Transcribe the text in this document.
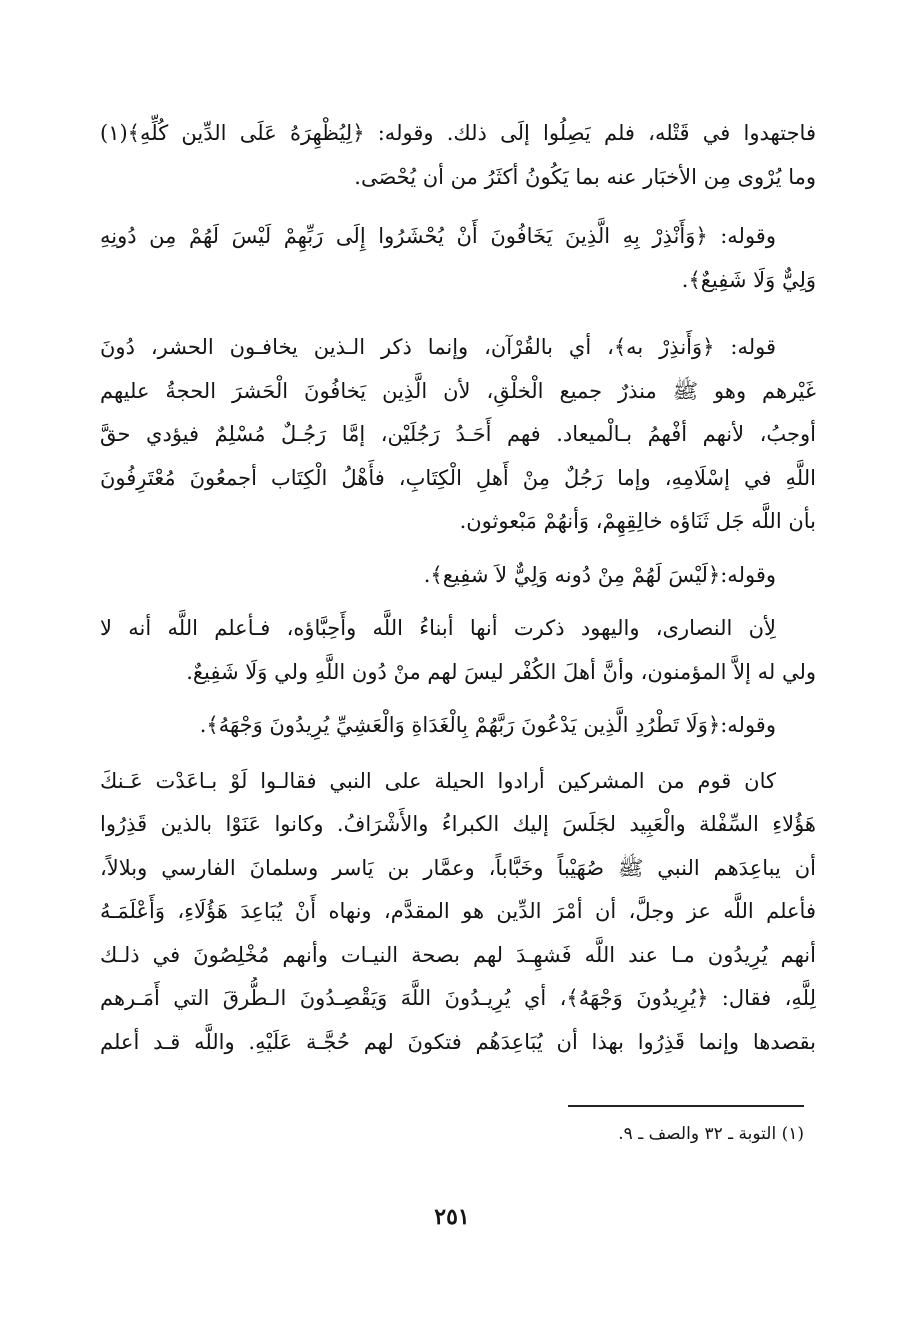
فاجتهدوا في قَتْله، فلم يَصِلُوا إلَى ذلك. وقوله: ﴿لِيُظْهِرَهُ عَلَى الدِّين كُلِّهِ﴾(١)
وما يُرْوى مِن الأخبَار عنه بما يَكُونُ أكثَرُ من أن يُحْصَى.

وقوله: ﴿وَأَنْذِرْ بِهِ الَّذِينَ يَخَافُونَ أَنْ يُحْشَرُوا إِلَى رَبِّهِمْ لَيْسَ لَهُمْ مِن دُونِهِ
وَلِيٌّ وَلَا شَفِيعٌ﴾.

قوله: ﴿وَأَنذِرْ به﴾، أي بالقُرْآن، وإنما ذكر الـذين يخافـون الحشر، دُونَ
غَيْرهم وهو ﷺ منذرٌ جميع الْخلْقِ، لأن الَّذِين يَخافُونَ الْحَشرَ الحجةُ عليهم
أوجبُ، لأنهم أفْهمُ بـالْميعاد. فهم أَحَـدُ رَجُلَيْن، إمَّا رَجُـلٌ مُسْلِمٌ فيؤدي حقَّ
اللَّهِ في إسْلَامِهِ، وإما رَجُلٌ مِنْ أَهلِ الْكِتَابِ، فأَهْلُ الْكِتَاب أجمعُونَ مُعْتَرِفُونَ
بأن اللَّه جَل ثَنَاؤه خالِقِهِمْ، وَأنهُمْ مَبْعوثون.

وقوله:﴿لَيْسَ لَهُمْ مِنْ دُونه وَلِيٌّ لاَ شفِيع﴾.

لِأن النصارى، واليهود ذكرت أنها أبناءُ اللَّه وأَحِبَّاؤه، فـأعلم اللَّه أنه لا
ولي له إلاَّ المؤمنون، وأنَّ أهلَ الكُفْر ليسَ لهم منْ دُون اللَّهِ ولي وَلَا شَفِيعٌ.

وقوله:﴿وَلَا تَطْرُدِ الَّذِين يَدْعُونَ رَبَّهُمْ بِالْغَدَاةِ وَالْعَشِيِّ يُرِيدُونَ وَجْهَهُ﴾.

كان قوم من المشركين أرادوا الحيلة على النبي فقالـوا لَوْ بـاعَدْت عَـنكَ
هَؤُلاءِ السِّفْلة والْعَبِيد لجَلَسَ إليك الكبراءُ والأَشْرَافُ. وكانوا عَنَوْا بالذين قَذِرُوا
أن يباعِدَهم النبي ﷺ صُهَيْباً وخَبَّاباً، وعمَّار بن يَاسر وسلمانَ الفارسي وبلالاً،
فأعلم اللَّه عز وجلَّ، أن أمْرَ الدِّين هو المقدَّم، ونهاه أَنْ يُبَاعِدَ هَؤُلَاءِ، وَأَعْلَمَـهُ
أنهم يُرِيدُون مـا عند اللَّه فَشهِـدَ لهم بصحة النيـات وأنهم مُخْلِصُونَ في ذلـك
لِلَّهِ، فقال: ﴿يُرِيدُونَ وَجْهَهُ﴾، أي يُرِيـدُونَ اللَّهَ وَيَقْصِـدُونَ الـطُّرقَ التي أَمَـرهم
بقصدها وإنما قَذِرُوا بهذا أن يُبَاعِدَهُم فتكونَ لهم حُجَّـة عَلَيْهِ. واللَّه قـد أعلم

(١) التوبة ـ ٣٢ والصف ـ ٩.
٢٥١
